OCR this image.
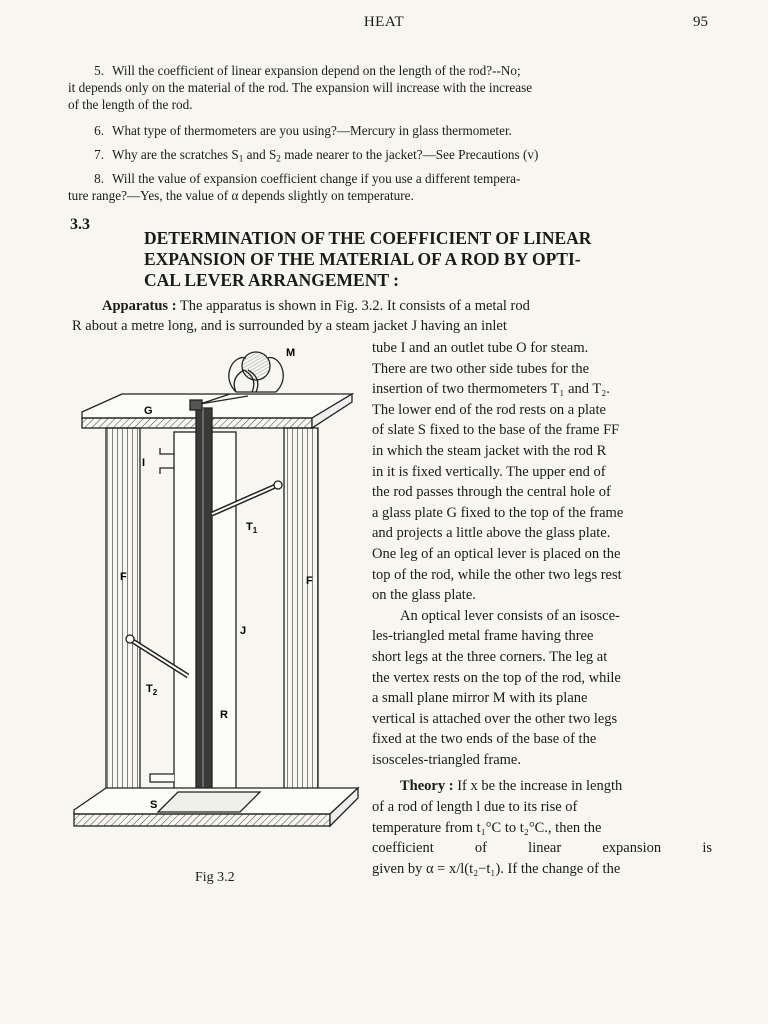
HEAT	95

5. Will the coefficient of linear expansion depend on the length of the rod?--No;

it depends only on the material of the rod. The expansion will increase with the increase

of the length of the rod.

6. What type of thermometers are you using?—Mercury in glass thermometer.

7. Why are the scratches $S_1$ and $S_2$ made nearer to the jacket?—See Precautions (v)

8. Will the value of expansion coefficient change if you use a different tempera-

ture range?—Yes, the value of α depends slightly on temperature.

3.3
DETERMINATION OF THE COEFFICIENT OF LINEAR
EXPANSION OF THE MATERIAL OF A ROD BY OPTI-
CAL LEVER ARRANGEMENT :

Apparatus : The apparatus is shown in Fig. 3.2. It consists of a metal rod

R about a metre long, and is surrounded by a steam jacket J having an inlet

tube I and an outlet tube O for steam.

There are two other side tubes for the

insertion of two thermometers T₁ and T₂.

The lower end of the rod rests on a plate

of slate S fixed to the base of the frame FF

in which the steam jacket with the rod R

in it is fixed vertically. The upper end of

the rod passes through the central hole of

a glass plate G fixed to the top of the frame

and projects a little above the glass plate.

One leg of an optical lever is placed on the

top of the rod, while the other two legs rest

on the glass plate.

An optical lever consists of an isosce-

les-triangled metal frame having three

short legs at the three corners. The leg at

the vertex rests on the top of the rod, while

a small plane mirror M with its plane

vertical is attached over the other two legs

fixed at the two ends of the base of the

isosceles-triangled frame.

Theory : If x be the increase in length

of a rod of length l due to its rise of

temperature from t₁°C to t₂°C., then the

coefficient of linear expansion is

given by α = x/l(t₂−t₁). If the change of the

M
G
I
$T_1$
F	F
J
$T_2$
R
S
Fig 3.2
